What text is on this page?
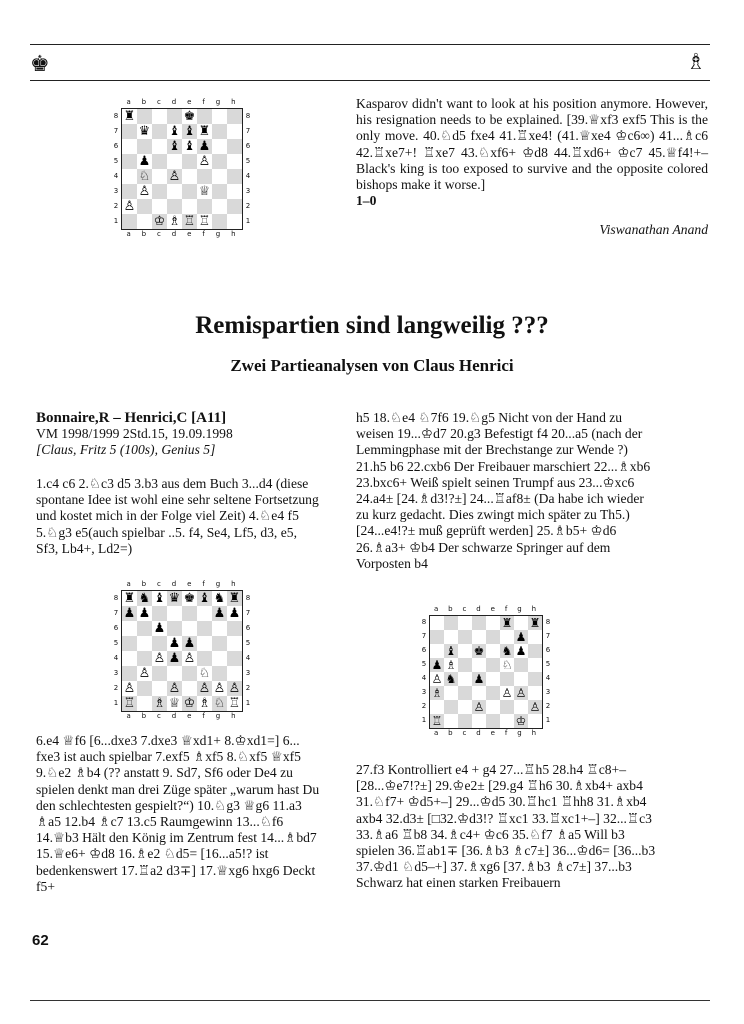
♚	♗
a b c d e f g h
8
7
6
5
4
3
2
1
♜	♚
♛ ♝ ♝ ♜
♝ ♝ ♟
♟	♙
♘ ♙
♙	♕
♙
♔ ♗ ♖ ♖
8
7
6
5
4
3
2
1
a b c d e f g h

Kasparov didn't want to look at his position anymore. However, his resignation needs to be explained. [39.♕xf3 exf5 This is the only move. 40.♘d5 fxe4 41.♖xe4! (41.♕xe4 ♔c6∞) 41...♗c6 42.♖xe7+! ♖xe7 43.♘xf6+ ♔d8 44.♖xd6+ ♔c7 45.♕f4!+– Black's king is too exposed to survive and the opposite colored bishops make it worse.]

1–0

Viswanathan Anand
Remispartien sind langweilig ???
Zwei Partieanalysen von Claus Henrici

Bonnaire,R – Henrici,C [A11]

VM 1998/1999 2Std.15, 19.09.1998

[Claus, Fritz 5 (100s), Genius 5]

1.c4 c6 2.♘c3 d5 3.b3 aus dem Buch 3...d4 (diese spontane Idee ist wohl eine sehr seltene Fortsetzung und kostet mich in der Folge viel Zeit) 4.♘e4 f5 5.♘g3 e5(auch spielbar ..5. f4, Se4, Lf5, d3, e5, Sf3, Lb4+, Ld2=)
a b c d e f g h
8
7
6
5
4
3
2
1
♜ ♞ ♝ ♛ ♚ ♝ ♞ ♜
♟ ♟	♟ ♟
♟
♟ ♟
♙ ♟ ♙
♙	♘
♙	♙ ♙ ♙ ♙
♖ ♗ ♕ ♔ ♗ ♘ ♖
8
7
6
5
4
3
2
1
a b c d e f g h
6.e4 ♕f6 [6...dxe3 7.dxe3 ♕xd1+ 8.♔xd1=] 6... fxe3 ist auch spielbar 7.exf5 ♗xf5 8.♘xf5 ♕xf5 9.♘e2 ♗b4 (?? anstatt 9. Sd7, Sf6 oder De4 zu spielen denkt man drei Züge später „warum hast Du den schlechtesten gespielt?“) 10.♘g3 ♕g6 11.a3 ♗a5 12.b4 ♗c7 13.c5 Raumgewinn 13...♘f6 14.♕b3 Hält den König im Zentrum fest 14...♗bd7 15.♕e6+ ♔d8 16.♗e2 ♘d5= [16...a5!? ist bedenkenswert 17.♖a2 d3∓] 17.♕xg6 hxg6 Deckt f5+
h5 18.♘e4 ♘7f6 19.♘g5 Nicht von der Hand zu weisen 19...♔d7 20.g3 Befestigt f4 20...a5 (nach der Lemmingphase mit der Brechstange zur Wende ?) 21.h5 b6 22.cxb6 Der Freibauer marschiert 22...♗xb6 23.bxc6+ Weiß spielt seinen Trumpf aus 23...♔xc6 24.a4± [24.♗d3!?±] 24...♖af8± (Da habe ich wieder zu kurz gedacht. Dies zwingt mich später zu Th5.) [24...e4!?± muß geprüft werden] 25.♗b5+ ♔d6 26.♗a3+ ♔b4 Der schwarze Springer auf dem Vorposten b4
a b c d e f g h
8
7
6
5
4
3
2
1
♜ ♜
♟
♝ ♚ ♞ ♟
♟ ♗	♘
♙ ♞ ♟
♗	♙ ♙
♙	♙
♖	♔
8
7
6
5
4
3
2
1
a b c d e f g h
27.f3 Kontrolliert e4 + g4 27...♖h5 28.h4 ♖c8+– [28...♔e7!?±] 29.♔e2± [29.g4 ♖h6 30.♗xb4+ axb4 31.♘f7+ ♔d5+–] 29...♔d5 30.♖hc1 ♖hh8 31.♗xb4 axb4 32.d3± [□32.♔d3!? ♖xc1 33.♖xc1+–] 32...♖c3 33.♗a6 ♖b8 34.♗c4+ ♔c6 35.♘f7 ♗a5 Will b3 spielen 36.♖ab1∓ [36.♗b3 ♗c7±] 36...♔d6= [36...b3 37.♔d1 ♘d5–+] 37.♗xg6 [37.♗b3 ♗c7±] 37...b3 Schwarz hat einen starken Freibauern
62
